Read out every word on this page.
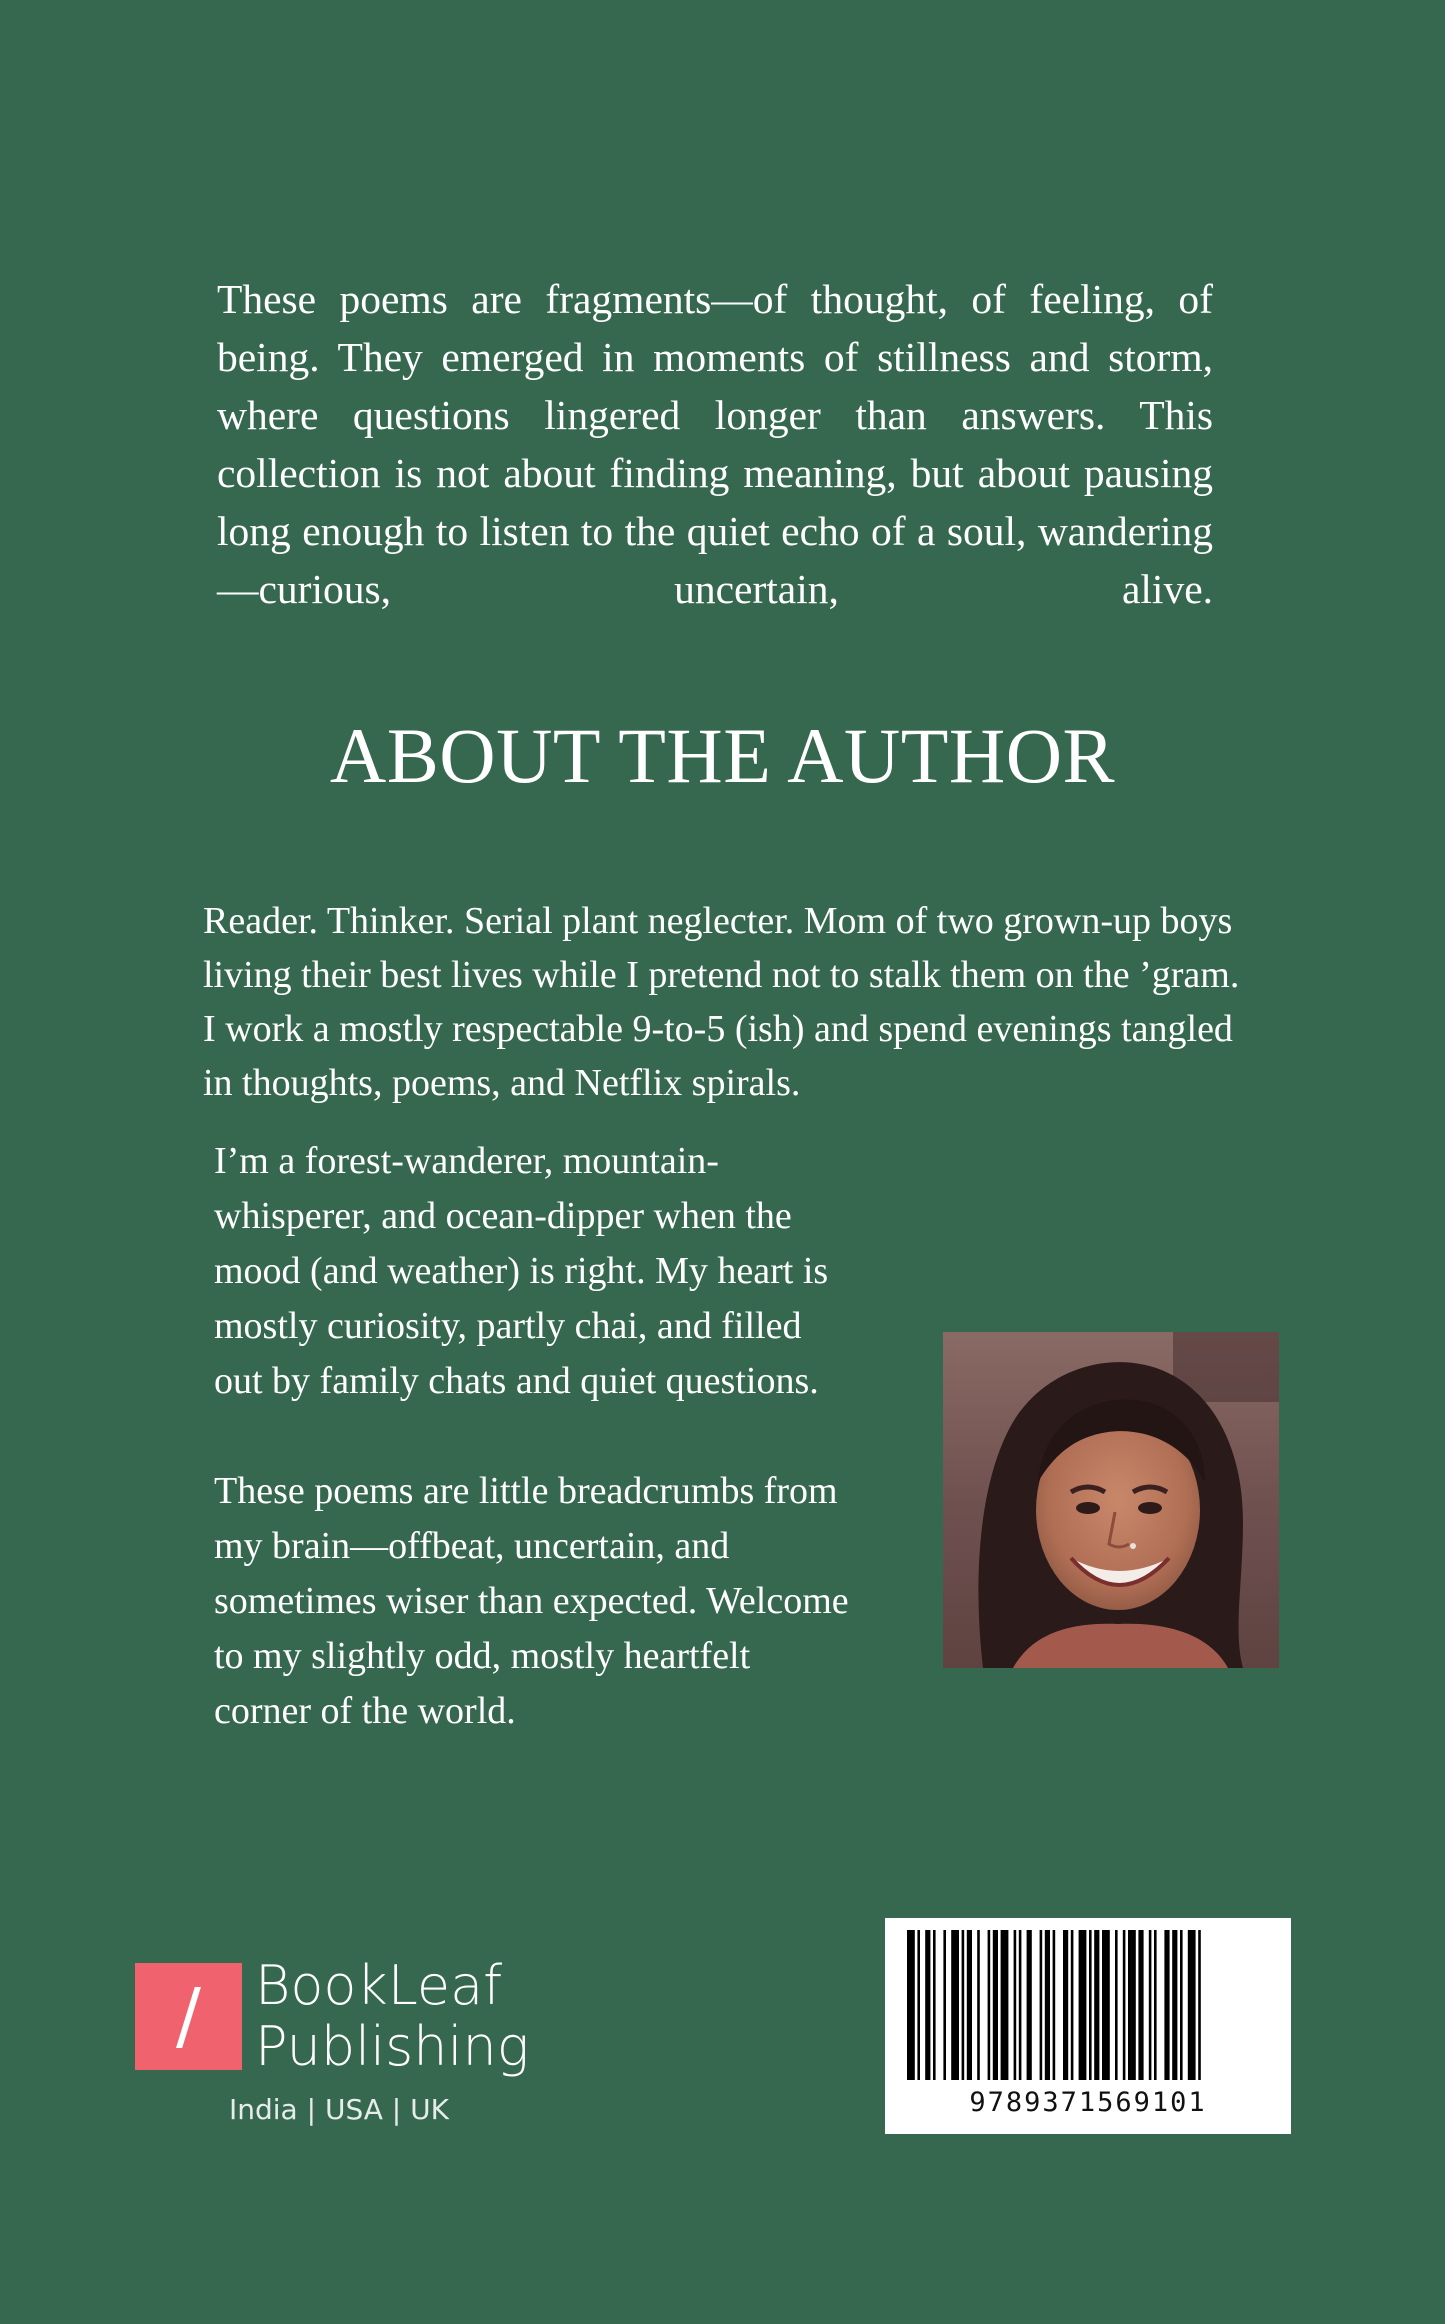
These poems are fragments—of thought, of feeling, of being. They emerged in moments of stillness and storm, where questions lingered longer than answers. This collection is not about finding meaning, but about pausing long enough to listen to the quiet echo of a soul, wandering—curious, uncertain, alive.

ABOUT THE AUTHOR

Reader. Thinker. Serial plant neglecter. Mom of two grown-up boys living their best lives while I pretend not to stalk them on the ’gram. I work a mostly respectable 9-to-5 (ish) and spend evenings tangled in thoughts, poems, and Netflix spirals.

I’m a forest-wanderer, mountain-whisperer, and ocean-dipper when the mood (and weather) is right. My heart is mostly curiosity, partly chai, and filled out by family chats and quiet questions.

These poems are little breadcrumbs from my brain—offbeat, uncertain, and sometimes wiser than expected. Welcome to my slightly odd, mostly heartfelt corner of the world.

/	BookLeaf
Publishing
India | USA | UK	9789371569101
